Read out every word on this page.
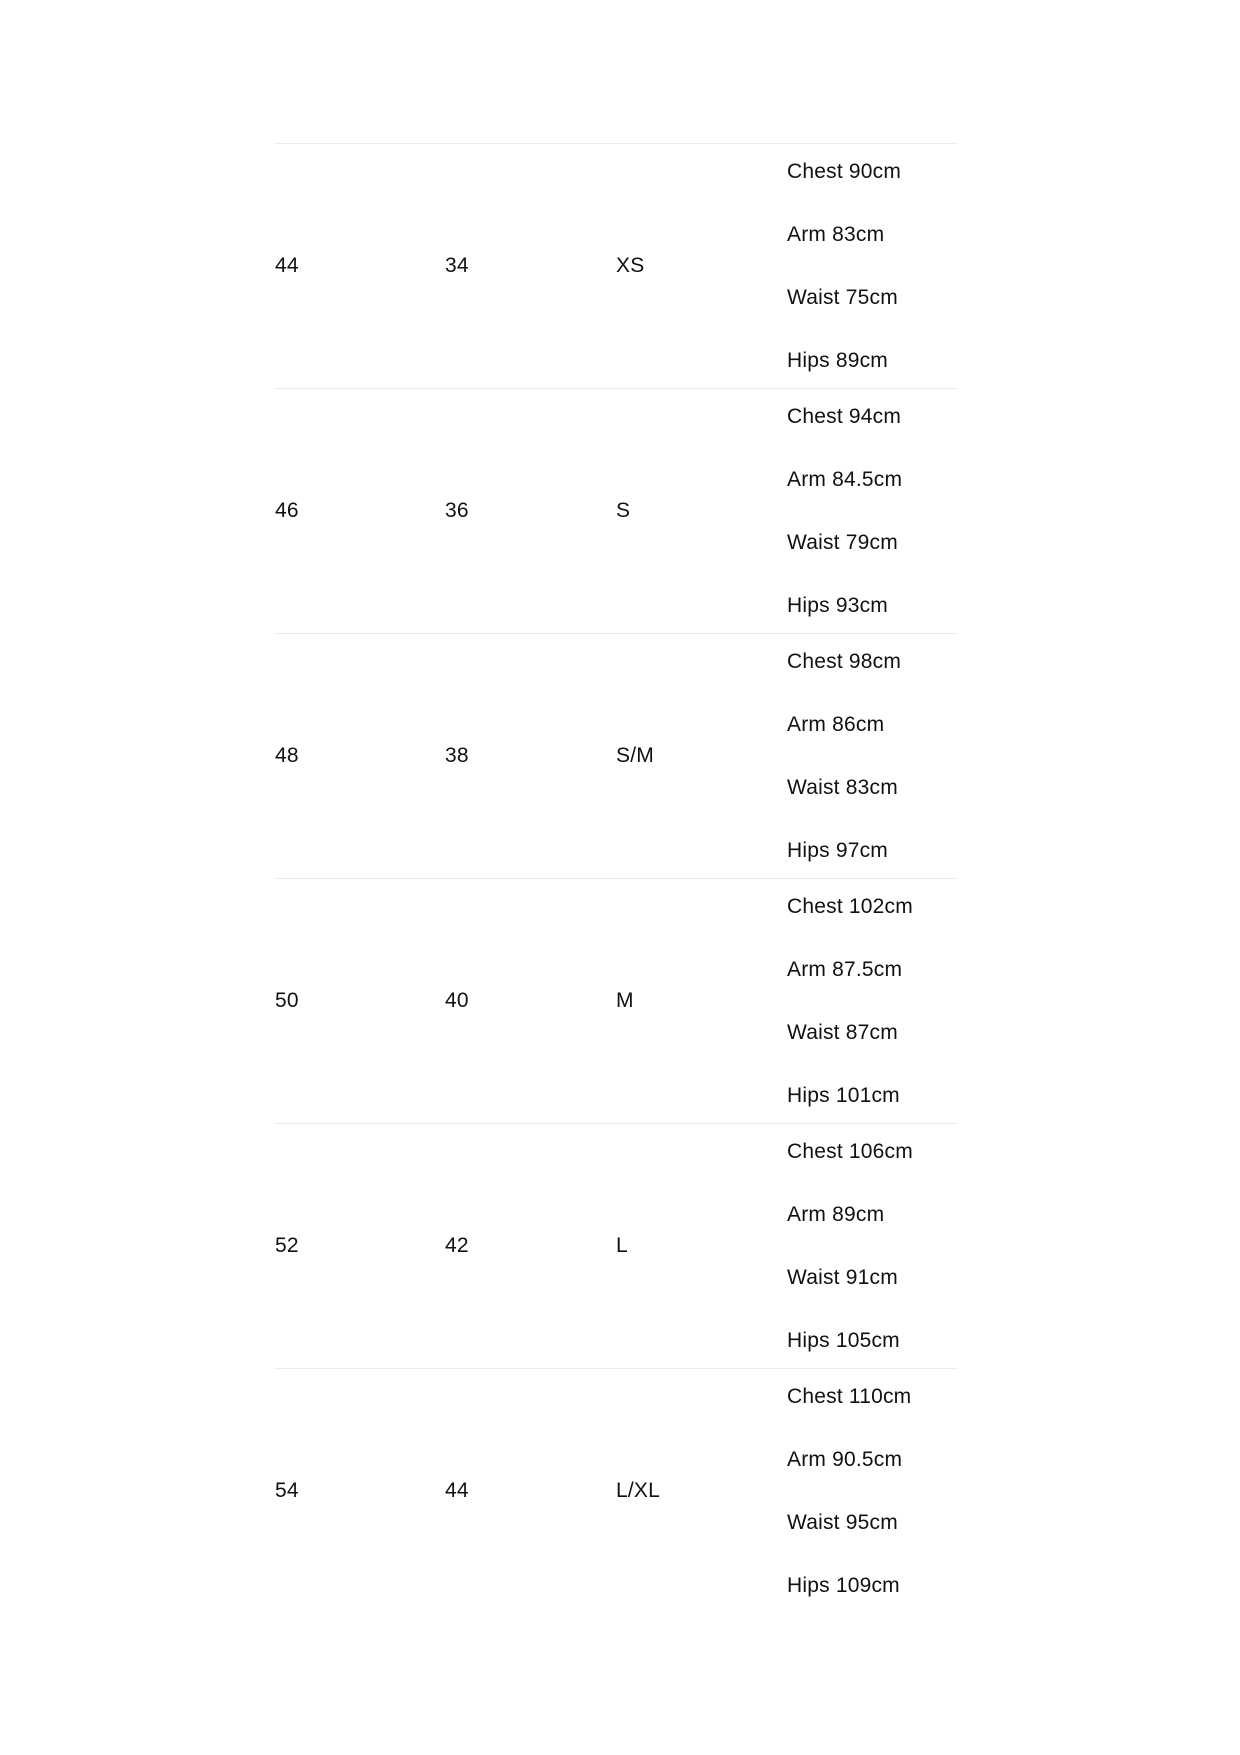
44	34	XS
Chest 90cm
Arm 83cm
Waist 75cm
Hips 89cm
46	36	S
Chest 94cm
Arm 84.5cm
Waist 79cm
Hips 93cm
48	38	S/M
Chest 98cm
Arm 86cm
Waist 83cm
Hips 97cm
50	40	M
Chest 102cm
Arm 87.5cm
Waist 87cm
Hips 101cm
52	42	L
Chest 106cm
Arm 89cm
Waist 91cm
Hips 105cm
54	44	L/XL
Chest 110cm
Arm 90.5cm
Waist 95cm
Hips 109cm
